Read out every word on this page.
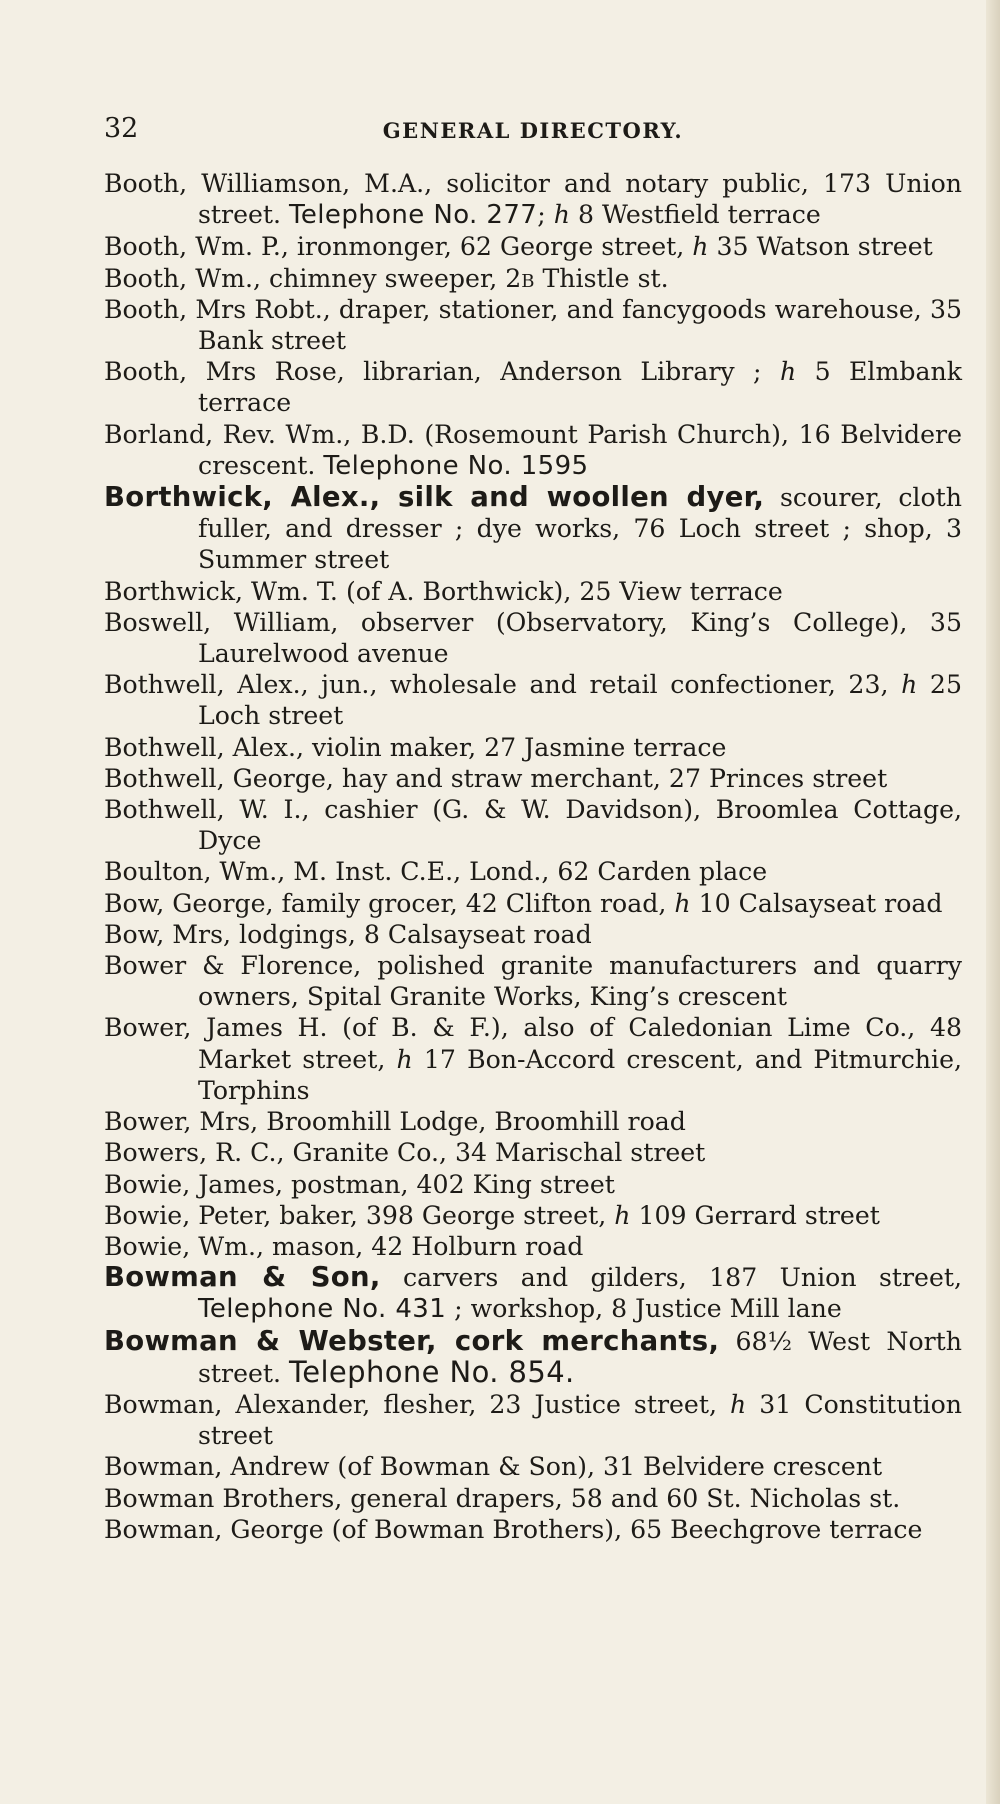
32	GENERAL DIRECTORY.

Booth, Williamson, M.A., solicitor and notary public, 173 Union street. Telephone No. 277; h 8 Westfield terrace

Booth, Wm. P., ironmonger, 62 George street, h 35 Watson street

Booth, Wm., chimney sweeper, 2b Thistle st.

Booth, Mrs Robt., draper, stationer, and fancygoods warehouse, 35 Bank street

Booth, Mrs Rose, librarian, Anderson Library ; h 5 Elmbank terrace

Borland, Rev. Wm., B.D. (Rosemount Parish Church), 16 Belvidere crescent. Telephone No. 1595

Borthwick, Alex., silk and woollen dyer, scourer, cloth fuller, and dresser ; dye works, 76 Loch street ; shop, 3 Summer street

Borthwick, Wm. T. (of A. Borthwick), 25 View terrace

Boswell, William, observer (Observatory, King’s College), 35 Laurelwood avenue

Bothwell, Alex., jun., wholesale and retail confectioner, 23, h 25 Loch street

Bothwell, Alex., violin maker, 27 Jasmine terrace

Bothwell, George, hay and straw merchant, 27 Princes street

Bothwell, W. I., cashier (G. & W. Davidson), Broomlea Cottage, Dyce

Boulton, Wm., M. Inst. C.E., Lond., 62 Carden place

Bow, George, family grocer, 42 Clifton road, h 10 Calsayseat road

Bow, Mrs, lodgings, 8 Calsayseat road

Bower & Florence, polished granite manufacturers and quarry owners, Spital Granite Works, King’s crescent

Bower, James H. (of B. & F.), also of Caledonian Lime Co., 48 Market street, h 17 Bon-Accord crescent, and Pitmurchie, Torphins

Bower, Mrs, Broomhill Lodge, Broomhill road

Bowers, R. C., Granite Co., 34 Marischal street

Bowie, James, postman, 402 King street

Bowie, Peter, baker, 398 George street, h 109 Gerrard street

Bowie, Wm., mason, 42 Holburn road

Bowman & Son, carvers and gilders, 187 Union street, Telephone No. 431 ; workshop, 8 Justice Mill lane

Bowman & Webster, cork merchants, 68½ West North street. Telephone No. 854.

Bowman, Alexander, flesher, 23 Justice street, h 31 Constitution street

Bowman, Andrew (of Bowman & Son), 31 Belvidere crescent

Bowman Brothers, general drapers, 58 and 60 St. Nicholas st.

Bowman, George (of Bowman Brothers), 65 Beechgrove terrace
